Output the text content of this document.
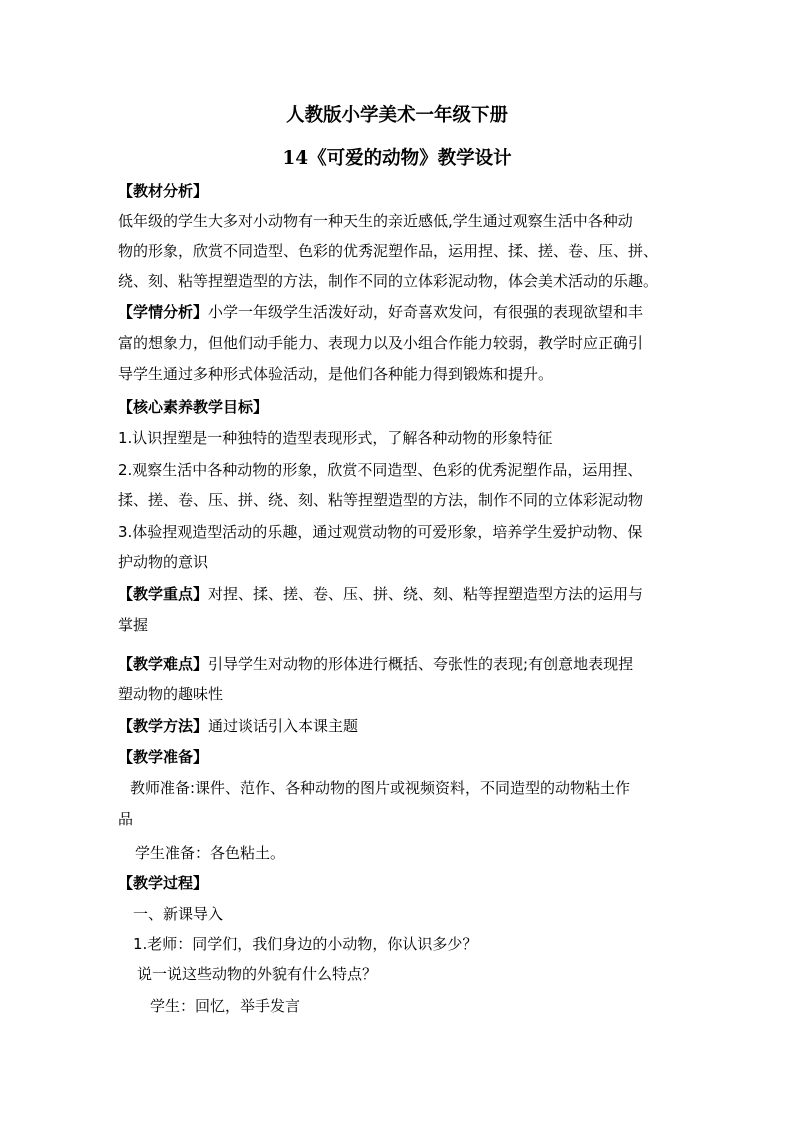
人教版小学美术一年级下册
14《可爱的动物》教学设计
【教材分析】
低年级的学生大多对小动物有一种天生的亲近感低,学生通过观察生活中各种动
物的形象，欣赏不同造型、色彩的优秀泥塑作品，运用捏、揉、搓、卷、压、拼、
绕、刻、粘等捏塑造型的方法，制作不同的立体彩泥动物，体会美术活动的乐趣。
【学情分析】小学一年级学生活泼好动，好奇喜欢发问，有很强的表现欲望和丰
富的想象力，但他们动手能力、表现力以及小组合作能力较弱，教学时应正确引
导学生通过多种形式体验活动，是他们各种能力得到锻炼和提升。
【核心素养教学目标】
1.认识捏塑是一种独特的造型表现形式，了解各种动物的形象特征
2.观察生活中各种动物的形象，欣赏不同造型、色彩的优秀泥塑作品，运用捏、
揉、搓、卷、压、拼、绕、刻、粘等捏塑造型的方法，制作不同的立体彩泥动物
3.体验捏观造型活动的乐趣，通过观赏动物的可爱形象，培养学生爱护动物、保
护动物的意识
【教学重点】对捏、揉、搓、卷、压、拼、绕、刻、粘等捏塑造型方法的运用与
掌握
【教学难点】引导学生对动物的形体进行概括、夸张性的表现;有创意地表现捏
塑动物的趣味性
【教学方法】通过谈话引入本课主题
【教学准备】
教师准备:课件、范作、各种动物的图片或视频资料，不同造型的动物粘土作
品
学生准备：各色粘土。
【教学过程】
一、新课导入
1.老师：同学们，我们身边的小动物，你认识多少？
说一说这些动物的外貌有什么特点？
学生：回忆，举手发言
